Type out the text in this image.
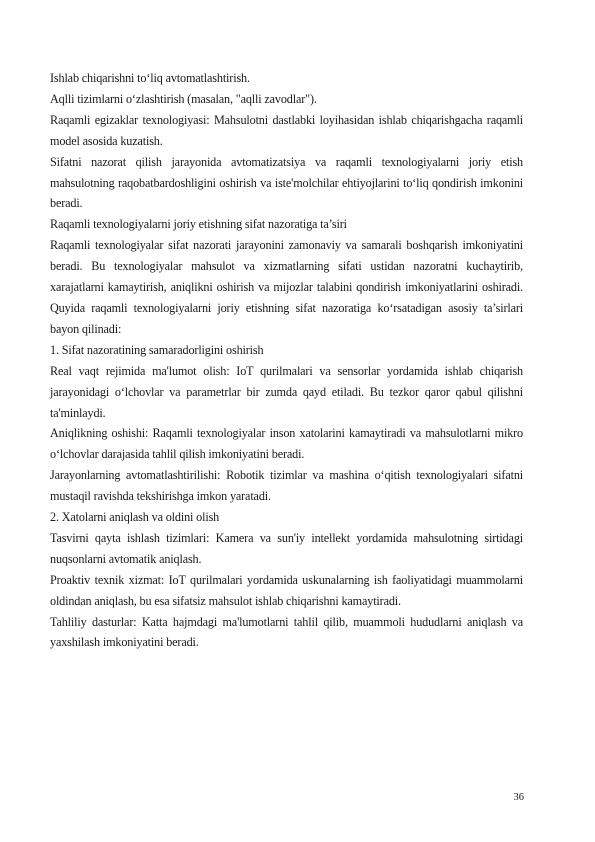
Ishlab chiqarishni to‘liq avtomatlashtirish.

Aqlli tizimlarni o‘zlashtirish (masalan, "aqlli zavodlar").

Raqamli egizaklar texnologiyasi: Mahsulotni dastlabki loyihasidan ishlab chiqarishgacha raqamli model asosida kuzatish.

Sifatni nazorat qilish jarayonida avtomatizatsiya va raqamli texnologiyalarni joriy etish mahsulotning raqobatbardoshligini oshirish va iste'molchilar ehtiyojlarini to‘liq qondirish imkonini beradi.

Raqamli texnologiyalarni joriy etishning sifat nazoratiga ta’siri

Raqamli texnologiyalar sifat nazorati jarayonini zamonaviy va samarali boshqarish imkoniyatini beradi. Bu texnologiyalar mahsulot va xizmatlarning sifati ustidan nazoratni kuchaytirib, xarajatlarni kamaytirish, aniqlikni oshirish va mijozlar talabini qondirish imkoniyatlarini oshiradi. Quyida raqamli texnologiyalarni joriy etishning sifat nazoratiga ko‘rsatadigan asosiy ta’sirlari bayon qilinadi:

1. Sifat nazoratining samaradorligini oshirish

Real vaqt rejimida ma'lumot olish: IoT qurilmalari va sensorlar yordamida ishlab chiqarish jarayonidagi o‘lchovlar va parametrlar bir zumda qayd etiladi. Bu tezkor qaror qabul qilishni ta'minlaydi.

Aniqlikning oshishi: Raqamli texnologiyalar inson xatolarini kamaytiradi va mahsulotlarni mikro o‘lchovlar darajasida tahlil qilish imkoniyatini beradi.

Jarayonlarning avtomatlashtirilishi: Robotik tizimlar va mashina o‘qitish texnologiyalari sifatni mustaqil ravishda tekshirishga imkon yaratadi.

2. Xatolarni aniqlash va oldini olish

Tasvirni qayta ishlash tizimlari: Kamera va sun'iy intellekt yordamida mahsulotning sirtidagi nuqsonlarni avtomatik aniqlash.

Proaktiv texnik xizmat: IoT qurilmalari yordamida uskunalarning ish faoliyatidagi muammolarni oldindan aniqlash, bu esa sifatsiz mahsulot ishlab chiqarishni kamaytiradi.

Tahliliy dasturlar: Katta hajmdagi ma'lumotlarni tahlil qilib, muammoli hududlarni aniqlash va yaxshilash imkoniyatini beradi.

36
